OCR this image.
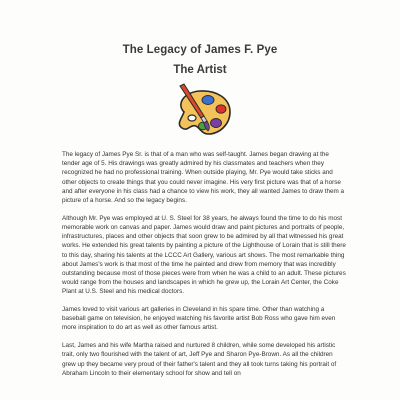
The Legacy of James F. Pye
The Artist

The legacy of James Pye Sr. is that of a man who was self-taught. James began drawing at the tender age of 5. His drawings was greatly admired by his classmates and teachers when they recognized he had no professional training. When outside playing, Mr. Pye would take sticks and other objects to create things that you could never imagine. His very first picture was that of a horse and after everyone in his class had a chance to view his work, they all wanted James to draw them a picture of a horse. And so the legacy begins.

Although Mr. Pye was employed at U. S. Steel for 38 years, he always found the time to do his most memorable work on canvas and paper. James would draw and paint pictures and portraits of people, infrastructures, places and other objects that soon grew to be admired by all that witnessed his great works. He extended his great talents by painting a picture of the Lighthouse of Lorain that is still there to this day, sharing his talents at the LCCC Art Gallery, various art shows. The most remarkable thing about James's work is that most of the time he painted and drew from memory that was incredibly outstanding because most of those pieces were from when he was a child to an adult. These pictures would range from the houses and landscapes in which he grew up, the Lorain Art Center, the Coke Plant at U.S. Steel and his medical doctors.

James loved to visit various art galleries in Cleveland in his spare time. Other than watching a baseball game on television, he enjoyed watching his favorite artist Bob Ross who gave him even more inspiration to do art as well as other famous artist.

Last, James and his wife Martha raised and nurtured 8 children, while some developed his artistic trait, only two flourished with the talent of art, Jeff Pye and Sharon Pye-Brown. As all the children grew up they became very proud of their father's talent and they all took turns taking his portrait of Abraham Lincoln to their elementary school for show and tell on
